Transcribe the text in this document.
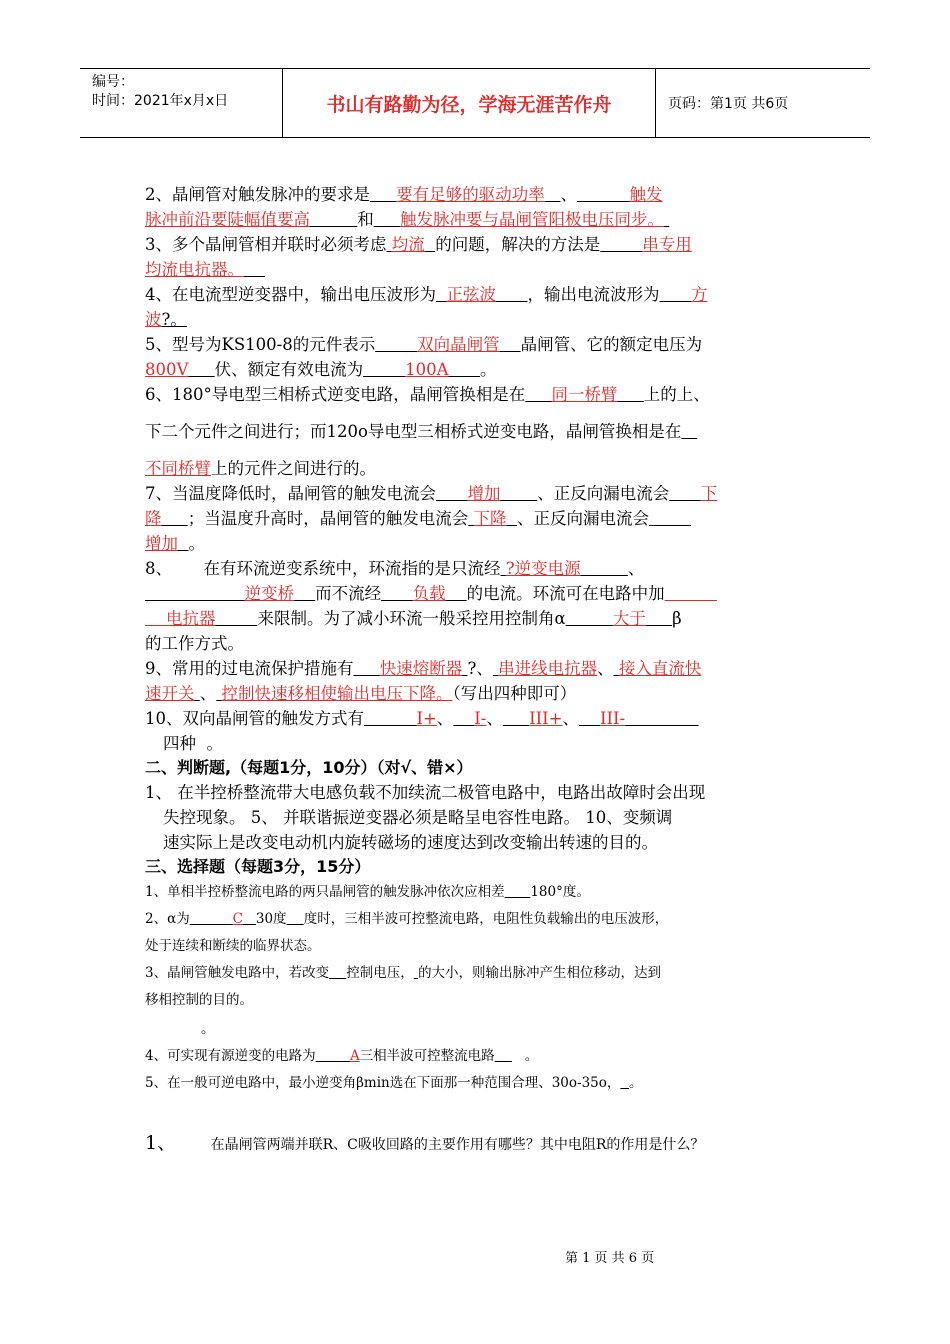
编号：
时间：2021年x月x日	书山有路勤为径，学海无涯苦作舟	页码：第1页 共6页
2、晶闸管对触发脉冲的要求是 要有足够的驱动功率 、	触发
脉冲前沿要陡幅值要高	和 触发脉冲要与晶闸管阳极电压同步。
3、多个晶闸管相并联时必须考虑 均流 的问题，解决的方法是	串专用
均流电抗器。
4、在电流型逆变器中，输出电压波形为 正弦波 ，输出电流波形为 方
波?。
5、型号为KS100-8的元件表示	双向晶闸管 晶闸管、它的额定电压为
800V 伏、额定有效电流为	100A 。
6、180°导电型三相桥式逆变电路，晶闸管换相是在 同一桥臂 上的上、
下二个元件之间进行；而120o导电型三相桥式逆变电路，晶闸管换相是在
不同桥臂上的元件之间进行的。
7、当温度降低时，晶闸管的触发电流会 增加 、正反向漏电流会 下
降 ；当温度升高时，晶闸管的触发电流会 下降 、正反向漏电流会
增加 。
8、 在有环流逆变系统中，环流指的是只流经 ?逆变电源	、
逆变桥 而不流经 负载 的电流。环流可在电路中加
电抗器	来限制。为了减小环流一般采控用控制角α	大于 β
的工作方式。
9、常用的过电流保护措施有 快速熔断器 ?、 串进线电抗器、 接入直流快
速开关 、 控制快速移相使输出电压下降。（写出四种即可）
10、双向晶闸管的触发方式有	I+、 I-、 III+、 III-
四种 。
二、判断题,（每题1分，10分）（对√、错×）
1、 在半控桥整流带大电感负载不加续流二极管电路中，电路出故障时会出现
失控现象。 5、 并联谐振逆变器必须是略呈电容性电路。 10、变频调
速实际上是改变电动机内旋转磁场的速度达到改变输出转速的目的。
三、选择题（每题3分，15分）
1、单相半控桥整流电路的两只晶闸管的触发脉冲依次应相差 180°度。
2、α为	C 30度 度时，三相半波可控整流电路，电阻性负载输出的电压波形，
处于连续和断续的临界状态。
3、晶闸管触发电路中，若改变 控制电压， 的大小，则输出脉冲产生相位移动，达到
移相控制的目的。
。
4、可实现有源逆变的电路为	A三相半波可控整流电路 。
5、在一般可逆电路中，最小逆变角βmin选在下面那一种范围合理、30o-35o， 。
1、 在晶闸管两端并联R、C吸收回路的主要作用有哪些？其中电阻R的作用是什么？
第 1 页 共 6 页
